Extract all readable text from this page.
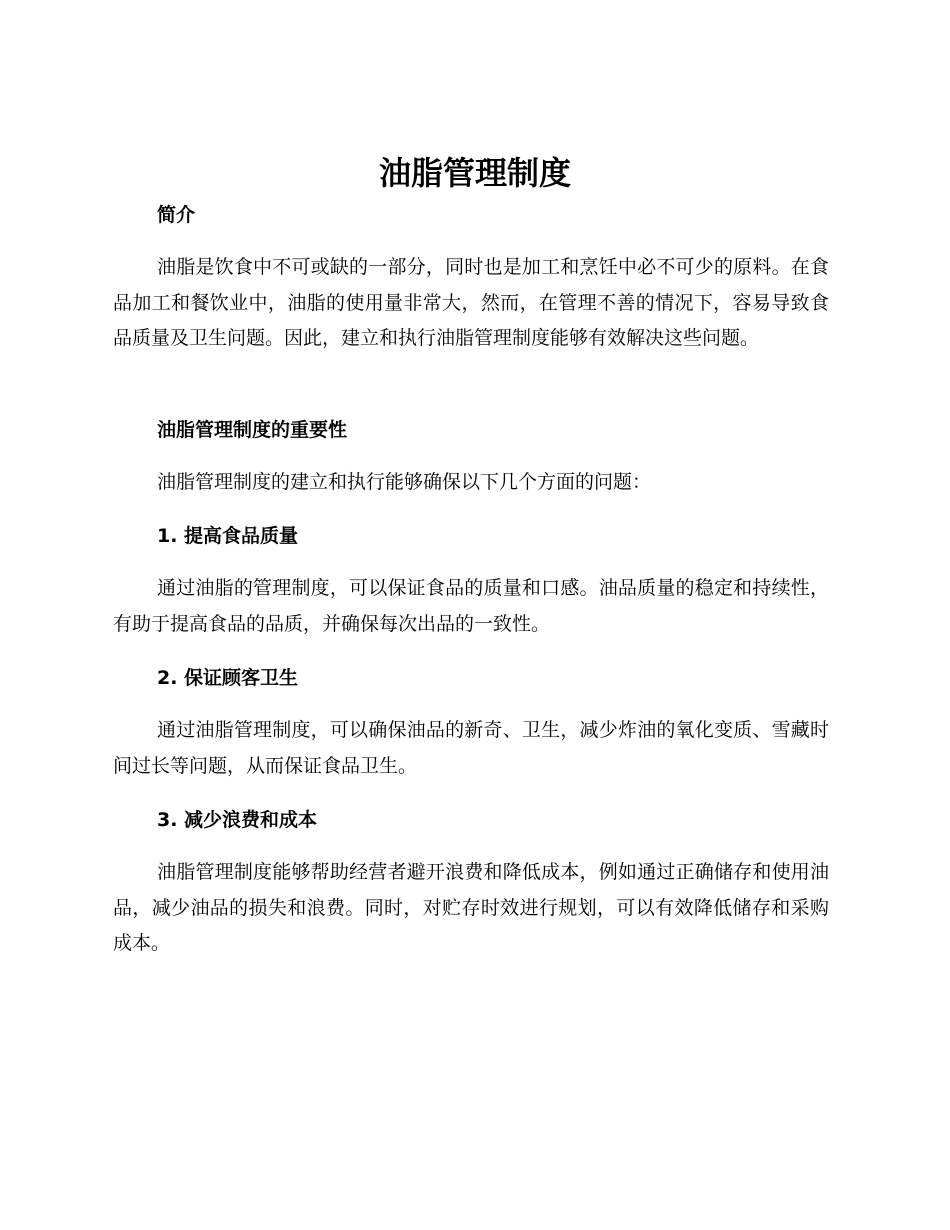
油脂管理制度
简介

油脂是饮食中不可或缺的一部分，同时也是加工和烹饪中必不可少的原料。在食品加工和餐饮业中，油脂的使用量非常大，然而，在管理不善的情况下，容易导致食品质量及卫生问题。因此，建立和执行油脂管理制度能够有效解决这些问题。

油脂管理制度的重要性

油脂管理制度的建立和执行能够确保以下几个方面的问题：

1. 提高食品质量

通过油脂的管理制度，可以保证食品的质量和口感。油品质量的稳定和持续性，有助于提高食品的品质，并确保每次出品的一致性。

2. 保证顾客卫生

通过油脂管理制度，可以确保油品的新奇、卫生，减少炸油的氧化变质、雪藏时间过长等问题，从而保证食品卫生。

3. 减少浪费和成本

油脂管理制度能够帮助经营者避开浪费和降低成本，例如通过正确储存和使用油品，减少油品的损失和浪费。同时，对贮存时效进行规划，可以有效降低储存和采购成本。
